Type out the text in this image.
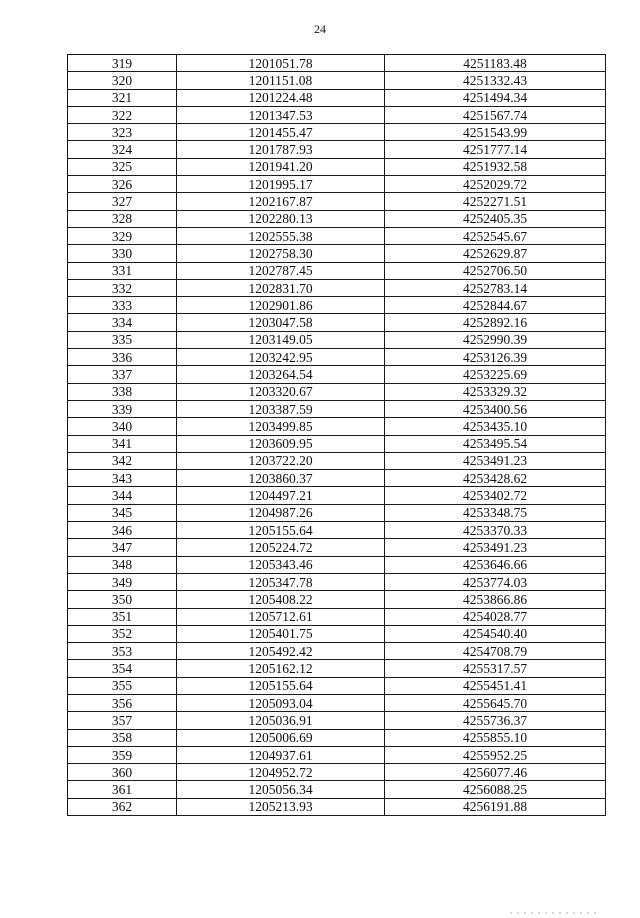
24
319	1201051.78	4251183.48
320	1201151.08	4251332.43
321	1201224.48	4251494.34
322	1201347.53	4251567.74
323	1201455.47	4251543.99
324	1201787.93	4251777.14
325	1201941.20	4251932.58
326	1201995.17	4252029.72
327	1202167.87	4252271.51
328	1202280.13	4252405.35
329	1202555.38	4252545.67
330	1202758.30	4252629.87
331	1202787.45	4252706.50
332	1202831.70	4252783.14
333	1202901.86	4252844.67
334	1203047.58	4252892.16
335	1203149.05	4252990.39
336	1203242.95	4253126.39
337	1203264.54	4253225.69
338	1203320.67	4253329.32
339	1203387.59	4253400.56
340	1203499.85	4253435.10
341	1203609.95	4253495.54
342	1203722.20	4253491.23
343	1203860.37	4253428.62
344	1204497.21	4253402.72
345	1204987.26	4253348.75
346	1205155.64	4253370.33
347	1205224.72	4253491.23
348	1205343.46	4253646.66
349	1205347.78	4253774.03
350	1205408.22	4253866.86
351	1205712.61	4254028.77
352	1205401.75	4254540.40
353	1205492.42	4254708.79
354	1205162.12	4255317.57
355	1205155.64	4255451.41
356	1205093.04	4255645.70
357	1205036.91	4255736.37
358	1205006.69	4255855.10
359	1204937.61	4255952.25
360	1204952.72	4256077.46
361	1205056.34	4256088.25
362	1205213.93	4256191.88
